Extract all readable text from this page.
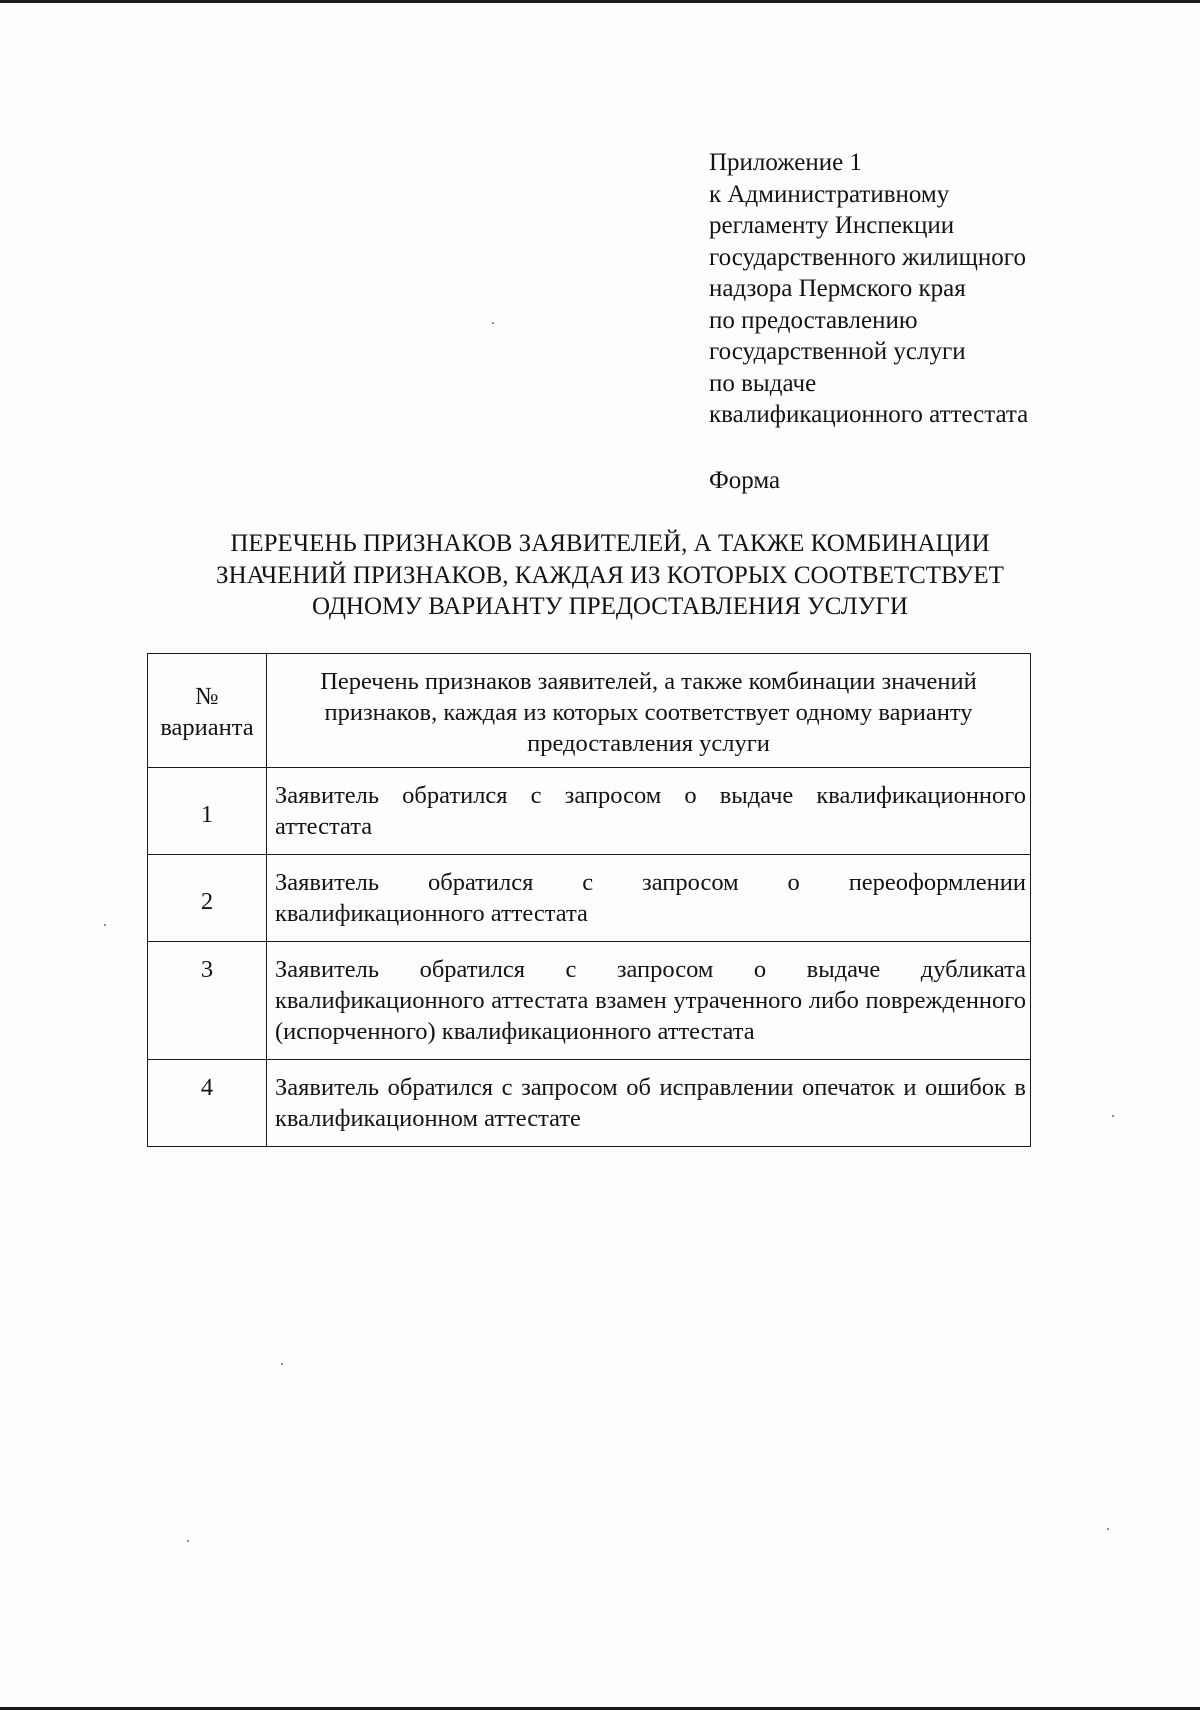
Приложение 1
к Административному
регламенту Инспекции
государственного жилищного
надзора Пермского края
по предоставлению
государственной услуги
по выдаче
квалификационного аттестата
Форма
ПЕРЕЧЕНЬ ПРИЗНАКОВ ЗАЯВИТЕЛЕЙ, А ТАКЖЕ КОМБИНАЦИИ
ЗНАЧЕНИЙ ПРИЗНАКОВ, КАЖДАЯ ИЗ КОТОРЫХ СООТВЕТСТВУЕТ
ОДНОМУ ВАРИАНТУ ПРЕДОСТАВЛЕНИЯ УСЛУГИ
№
варианта	Перечень признаков заявителей, а также комбинации значений признаков, каждая из которых соответствует одному варианту предоставления услуги
1	Заявитель обратился с запросом о выдаче квалификационного аттестата
2	Заявитель обратился с запросом о переоформлении квалификационного аттестата
3	Заявитель обратился с запросом о выдаче дубликата квалификационного аттестата взамен утраченного либо поврежденного (испорченного) квалификационного аттестата
4	Заявитель обратился с запросом об исправлении опечаток и ошибок в квалификационном аттестате
